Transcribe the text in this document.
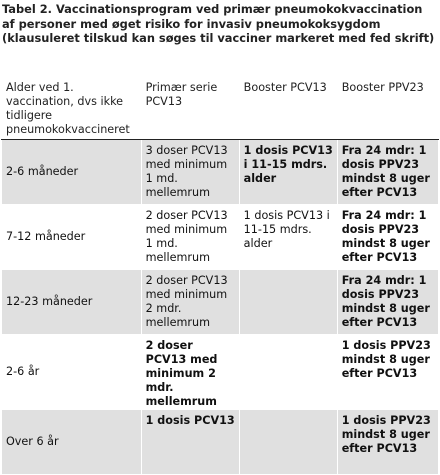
Tabel 2. Vaccinationsprogram ved primær pneumokokvaccination af personer med øget risiko for invasiv pneumokoksygdom (klausuleret tilskud kan søges til vacciner markeret med fed skrift)
Alder ved 1. vaccination, dvs ikke tidligere pneumokokvaccineret	Primær serie PCV13	Booster PCV13	Booster PPV23
2-6 måneder	3 doser PCV13 med minimum 1 md. mellemrum	1 dosis PCV13 i 11-15 mdrs. alder	Fra 24 mdr: 1 dosis PPV23 mindst 8 uger efter PCV13
7-12 måneder	2 doser PCV13 med minimum 1 md. mellemrum	1 dosis PCV13 i 11-15 mdrs. alder	Fra 24 mdr: 1 dosis PPV23 mindst 8 uger efter PCV13
12-23 måneder	2 doser PCV13 med minimum 2 mdr. mellemrum		Fra 24 mdr: 1 dosis PPV23 mindst 8 uger efter PCV13
2-6 år	2 doser PCV13 med minimum 2 mdr. mellemrum		1 dosis PPV23 mindst 8 uger efter PCV13
Over 6 år	1 dosis PCV13		1 dosis PPV23 mindst 8 uger efter PCV13
